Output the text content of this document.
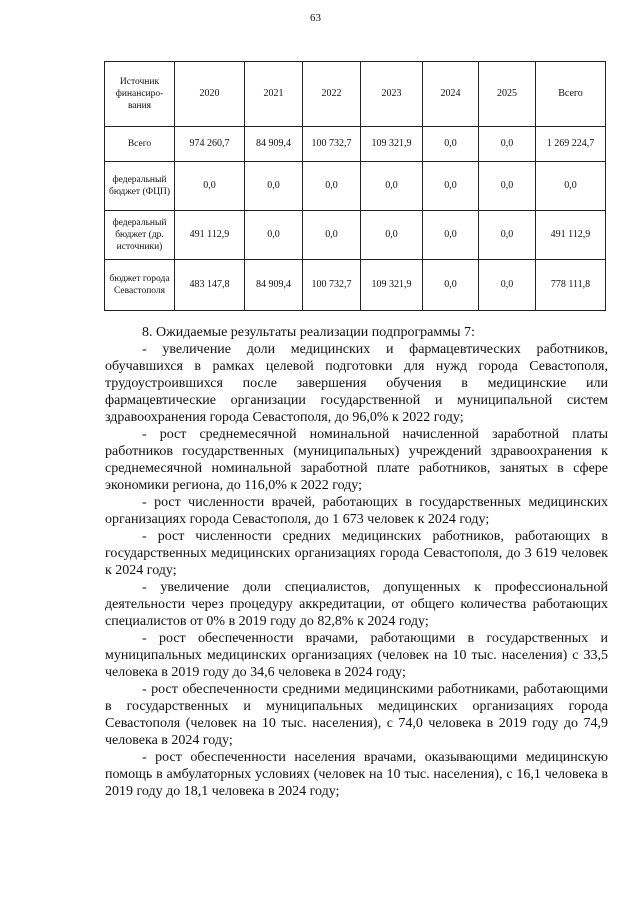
63
Источник финансиро-вания	2020	2021	2022	2023	2024	2025	Всего
Всего	974 260,7	84 909,4	100 732,7	109 321,9	0,0	0,0	1 269 224,7
федеральный бюджет (ФЦП)	0,0	0,0	0,0	0,0	0,0	0,0	0,0
федеральный бюджет (др. источники)	491 112,9	0,0	0,0	0,0	0,0	0,0	491 112,9
бюджет города Севастополя	483 147,8	84 909,4	100 732,7	109 321,9	0,0	0,0	778 111,8

8. Ожидаемые результаты реализации подпрограммы 7:

- увеличение доли медицинских и фармацевтических работников, обучавшихся в рамках целевой подготовки для нужд города Севастополя, трудоустроившихся после завершения обучения в медицинские или фармацевтические организации государственной и муниципальной систем здравоохранения города Севастополя, до 96,0% к 2022 году;

- рост среднемесячной номинальной начисленной заработной платы работников государственных (муниципальных) учреждений здравоохранения к среднемесячной номинальной заработной плате работников, занятых в сфере экономики региона, до 116,0% к 2022 году;

- рост численности врачей, работающих в государственных медицинских организациях города Севастополя, до 1 673 человек к 2024 году;

- рост численности средних медицинских работников, работающих в государственных медицинских организациях города Севастополя, до 3 619 человек к 2024 году;

- увеличение доли специалистов, допущенных к профессиональной деятельности через процедуру аккредитации, от общего количества работающих специалистов от 0% в 2019 году до 82,8% к 2024 году;

- рост обеспеченности врачами, работающими в государственных и муниципальных медицинских организациях (человек на 10 тыс. населения) с 33,5 человека в 2019 году до 34,6 человека в 2024 году;

- рост обеспеченности средними медицинскими работниками, работающими в государственных и муниципальных медицинских организациях города Севастополя (человек на 10 тыс. населения), с 74,0 человека в 2019 году до 74,9 человека в 2024 году;

- рост обеспеченности населения врачами, оказывающими медицинскую помощь в амбулаторных условиях (человек на 10 тыс. населения), с 16,1 человека в 2019 году до 18,1 человека в 2024 году;
